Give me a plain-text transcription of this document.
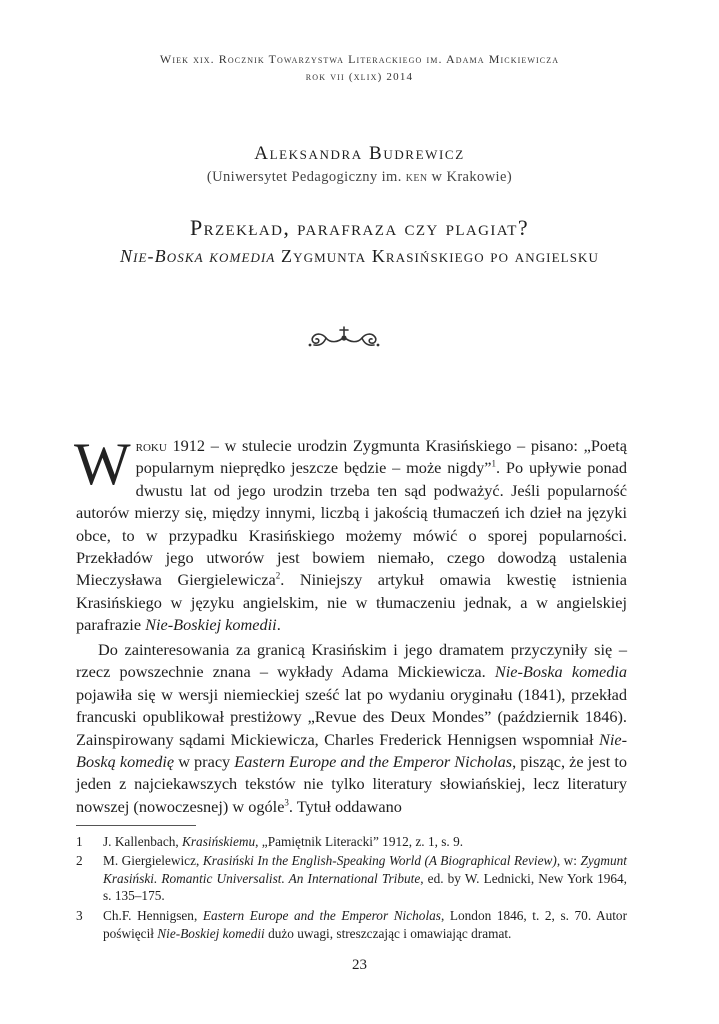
Wiek xix. Rocznik Towarzystwa Literackiego im. Adama Mickiewicza
rok vii (xlix) 2014
Aleksandra Budrewicz
(Uniwersytet Pedagogiczny im. ken w Krakowie)
Przekład, parafraza czy plagiat?
Nie-Boska komedia Zygmunta Krasińskiego po angielsku

Wroku 1912 – w stulecie urodzin Zygmunta Krasińskiego – pisano: „Poetą popularnym nieprędko jeszcze będzie – może nigdy”$^1$. Po upływie ponad dwustu lat od jego urodzin trzeba ten sąd podważyć. Jeśli popularność autorów mierzy się, między innymi, liczbą i jakością tłumaczeń ich dzieł na języki obce, to w przypadku Krasińskiego możemy mówić o sporej popularności. Przekładów jego utworów jest bowiem niemało, czego dowodzą ustalenia Mieczysława Giergielewicza$^2$. Niniejszy artykuł omawia kwestię istnienia Krasińskiego w języku angielskim, nie w tłumaczeniu jednak, a w angielskiej parafrazie Nie-Boskiej komedii.

Do zainteresowania za granicą Krasińskim i jego dramatem przyczyniły się – rzecz powszechnie znana – wykłady Adama Mickiewicza. Nie-Boska komedia pojawiła się w wersji niemieckiej sześć lat po wydaniu oryginału (1841), przekład francuski opublikował prestiżowy „Revue des Deux Mondes” (październik 1846). Zainspirowany sądami Mickiewicza, Charles Frederick Hennigsen wspomniał Nie-Boską komedię w pracy Eastern Europe and the Emperor Nicholas, pisząc, że jest to jeden z najciekawszych tekstów nie tylko literatury słowiańskiej, lecz literatury nowszej (nowoczesnej) w ogóle$^3$. Tytuł oddawano

1 J. Kallenbach, Krasińskiemu, „Pamiętnik Literacki” 1912, z. 1, s. 9.

2 M. Giergielewicz, Krasiński In the English-Speaking World (A Biographical Review), w: Zygmunt Krasiński. Romantic Universalist. An International Tribute, ed. by W. Lednicki, New York 1964, s. 135–175.

3 Ch.F. Hennigsen, Eastern Europe and the Emperor Nicholas, London 1846, t. 2, s. 70. Autor poświęcił Nie-Boskiej komedii dużo uwagi, streszczając i omawiając dramat.

23
